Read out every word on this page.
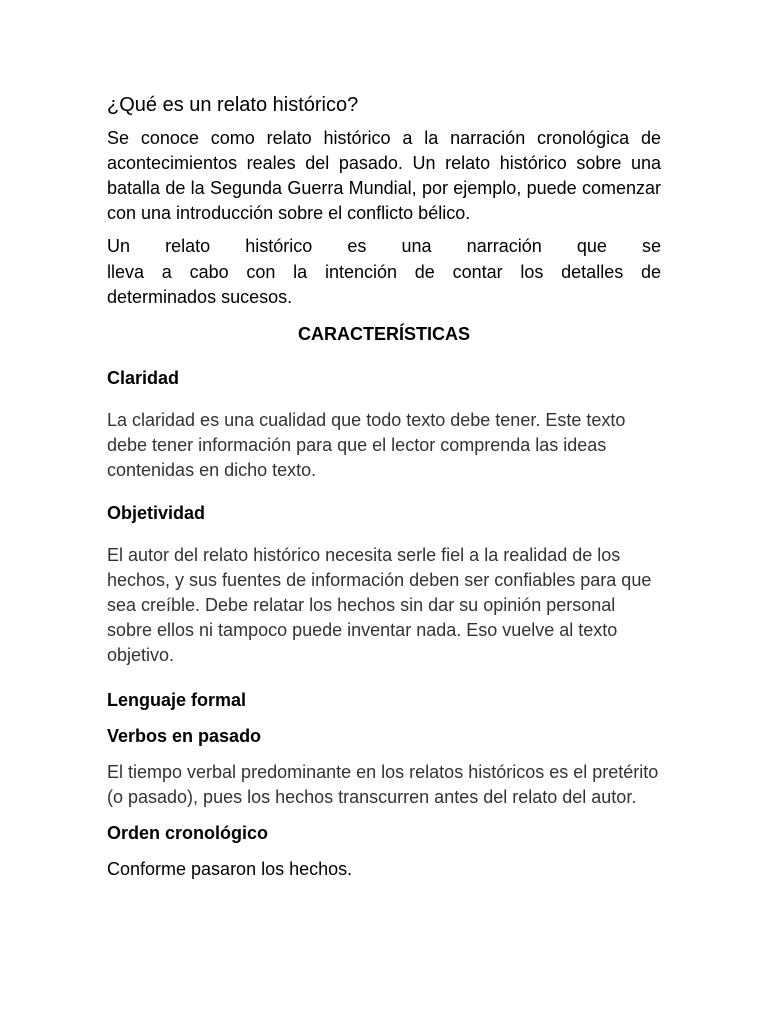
¿Qué es un relato histórico?

Se conoce como relato histórico a la narración cronológica de acontecimientos reales del pasado. Un relato histórico sobre una batalla de la Segunda Guerra Mundial, por ejemplo, puede comenzar con una introducción sobre el conflicto bélico.

Un relato histórico es una narración que se
lleva a cabo con la intención de contar los detalles de
determinados sucesos.
CARACTERÍSTICAS
Claridad

La claridad es una cualidad que todo texto debe tener. Este texto debe tener información para que el lector comprenda las ideas contenidas en dicho texto.

Objetividad

El autor del relato histórico necesita serle fiel a la realidad de los hechos, y sus fuentes de información deben ser confiables para que sea creíble. Debe relatar los hechos sin dar su opinión personal sobre ellos ni tampoco puede inventar nada. Eso vuelve al texto objetivo.

Lenguaje formal
Verbos en pasado

El tiempo verbal predominante en los relatos históricos es el pretérito (o pasado), pues los hechos transcurren antes del relato del autor.

Orden cronológico

Conforme pasaron los hechos.
